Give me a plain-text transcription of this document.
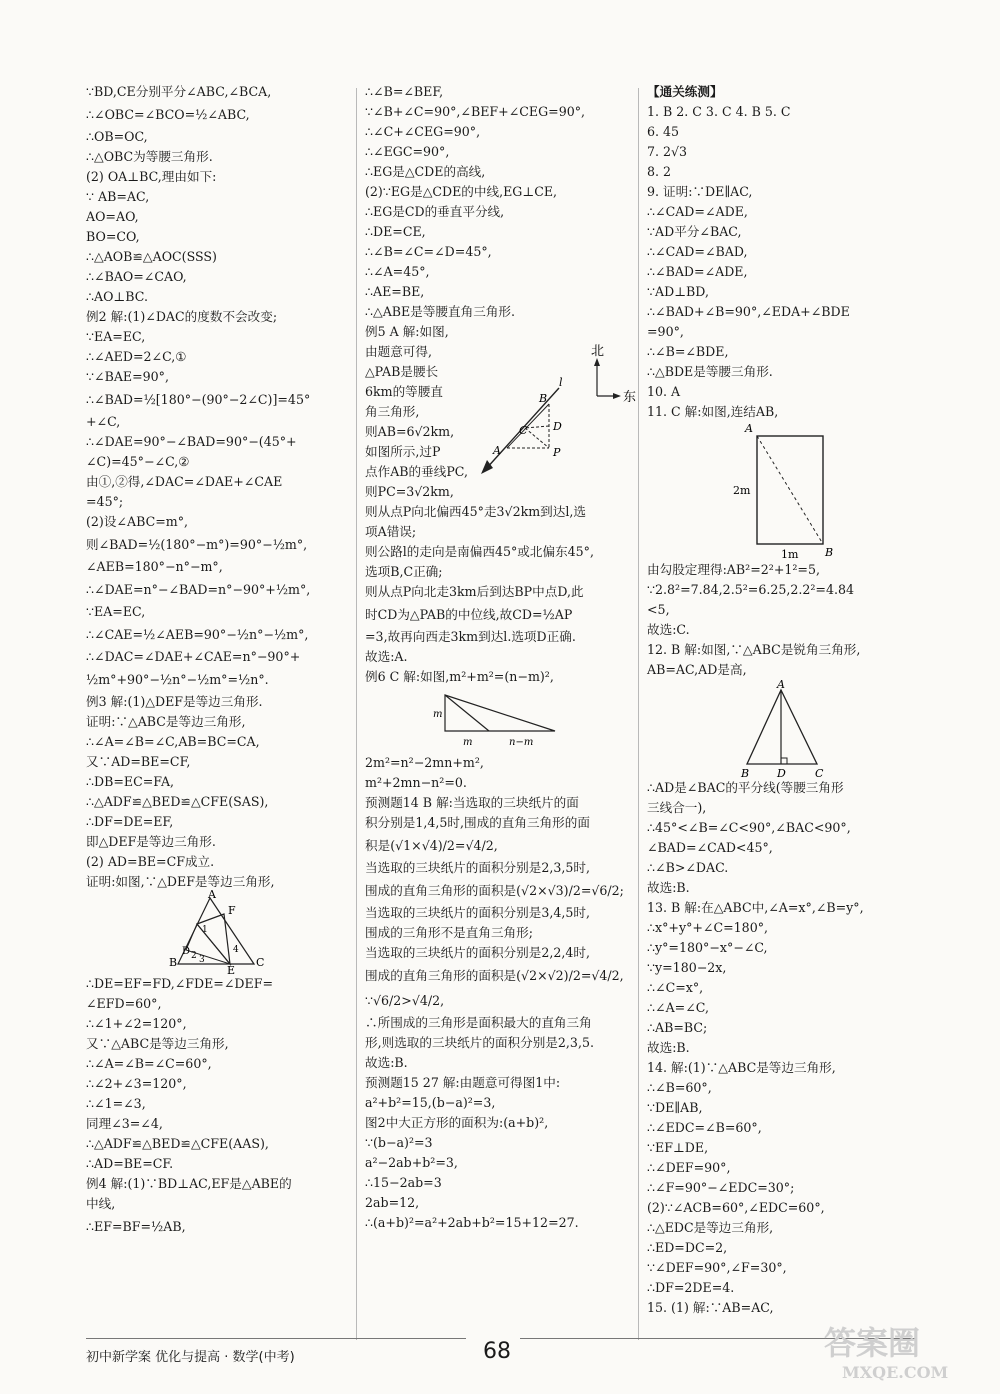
∵BD,CE分别平分∠ABC,∠BCA,
∴∠OBC=∠BCO=½∠ABC,
∴OB=OC,
∴△OBC为等腰三角形.
(2) OA⊥BC,理由如下:
∵ AB=AC,
AO=AO,
BO=CO,
∴△AOB≌△AOC(SSS)
∴∠BAO=∠CAO,
∴AO⊥BC.
例2 解:(1)∠DAC的度数不会改变;
∵EA=EC,
∴∠AED=2∠C,①
∵∠BAE=90°,
∴∠BAD=½[180°−(90°−2∠C)]=45°
+∠C,
∴∠DAE=90°−∠BAD=90°−(45°+
∠C)=45°−∠C,②
由①,②得,∠DAC=∠DAE+∠CAE
=45°;
(2)设∠ABC=m°,
则∠BAD=½(180°−m°)=90°−½m°,
∠AEB=180°−n°−m°,
∴∠DAE=n°−∠BAD=n°−90°+½m°,
∵EA=EC,
∴∠CAE=½∠AEB=90°−½n°−½m°,
∴∠DAC=∠DAE+∠CAE=n°−90°+
½m°+90°−½n°−½m°=½n°.
例3 解:(1)△DEF是等边三角形.
证明:∵△ABC是等边三角形,
∴∠A=∠B=∠C,AB=BC=CA,
又∵AD=BE=CF,
∴DB=EC=FA,
∴△ADF≌△BED≌△CFE(SAS),
∴DF=DE=EF,
即△DEF是等边三角形.
(2) AD=BE=CF成立.
证明:如图,∵△DEF是等边三角形,
A
F
B
D
E
C
1
2 3
4
∴DE=EF=FD,∠FDE=∠DEF=
∠EFD=60°,
∴∠1+∠2=120°,
又∵△ABC是等边三角形,
∴∠A=∠B=∠C=60°,
∴∠2+∠3=120°,
∴∠1=∠3,
同理∠3=∠4,
∴△ADF≌△BED≌△CFE(AAS),
∴AD=BE=CF.
例4 解:(1)∵BD⊥AC,EF是△ABE的
中线,
∴EF=BF=½AB,
∴∠B=∠BEF,
∵∠B+∠C=90°,∠BEF+∠CEG=90°,
∴∠C+∠CEG=90°,
∴∠EGC=90°,
∴EG是△CDE的高线,
(2)∵EG是△CDE的中线,EG⊥CE,
∴EG是CD的垂直平分线,
∴DE=CE,
∴∠B=∠C=∠D=45°,
∴∠A=45°,
∴AE=BE,
∴△ABE是等腰直角三角形.
例5 A 解:如图,
由题意可得,
△PAB是腰长
6km的等腰直
角三角形,
则AB=6√2km,
如图所示,过P
点作AB的垂线PC,
则PC=3√2km,
则从点P向北偏西45°走3√2km到达l,选
项A错误;
则公路l的走向是南偏西45°或北偏东45°,
选项B,C正确;
则从点P向北走3km后到达BP中点D,此
时CD为△PAB的中位线,故CD=½AP
=3,故再向西走3km到达l.选项D正确.
故选:A.
例6 C 解:如图,m²+m²=(n−m)²,
m
m	n−m
2m²=n²−2mn+m²,
m²+2mn−n²=0.
预测题14 B 解:当选取的三块纸片的面
积分别是1,4,5时,围成的直角三角形的面
积是(√1×√4)/2=√4/2,
当选取的三块纸片的面积分别是2,3,5时,
围成的直角三角形的面积是(√2×√3)/2=√6/2;
当选取的三块纸片的面积分别是3,4,5时,
围成的三角形不是直角三角形;
当选取的三块纸片的面积分别是2,2,4时,
围成的直角三角形的面积是(√2×√2)/2=√4/2,
∵√6/2>√4/2,
∴所围成的三角形是面积最大的直角三角
形,则选取的三块纸片的面积分别是2,3,5.
故选:B.
预测题15 27 解:由题意可得图1中:
a²+b²=15,(b−a)²=3,
图2中大正方形的面积为:(a+b)²,
∵(b−a)²=3
a²−2ab+b²=3,
∴15−2ab=3
2ab=12,
∴(a+b)²=a²+2ab+b²=15+12=27.
北
东
B
C D
A	P
l
【通关练测】
1. B 2. C 3. C 4. B 5. C
6. 45
7. 2√3
8. 2
9. 证明:∵DE∥AC,
∴∠CAD=∠ADE,
∵AD平分∠BAC,
∴∠CAD=∠BAD,
∴∠BAD=∠ADE,
∵AD⊥BD,
∴∠BAD+∠B=90°,∠EDA+∠BDE
=90°,
∴∠B=∠BDE,
∴△BDE是等腰三角形.
10. A
11. C 解:如图,连结AB,
A
B
2m
1m
由勾股定理得:AB²=2²+1²=5,
∵2.8²=7.84,2.5²=6.25,2.2²=4.84
<5,
故选:C.
12. B 解:如图,∵△ABC是锐角三角形,
AB=AC,AD是高,
A
B	D	C
∴AD是∠BAC的平分线(等腰三角形
三线合一),
∴45°<∠B=∠C<90°,∠BAC<90°,
∠BAD=∠CAD<45°,
∴∠B>∠DAC.
故选:B.
13. B 解:在△ABC中,∠A=x°,∠B=y°,
∴x°+y°+∠C=180°,
∴y°=180°−x°−∠C,
∵y=180−2x,
∴∠C=x°,
∴∠A=∠C,
∴AB=BC;
故选:B.
14. 解:(1)∵△ABC是等边三角形,
∴∠B=60°,
∵DE∥AB,
∴∠EDC=∠B=60°,
∵EF⊥DE,
∴∠DEF=90°,
∴∠F=90°−∠EDC=30°;
(2)∵∠ACB=60°,∠EDC=60°,
∴△EDC是等边三角形,
∴ED=DC=2,
∵∠DEF=90°,∠F=30°,
∴DF=2DE=4.
15. (1) 解:∵AB=AC,
初中新学案 优化与提高 · 数学(中考)	68	答案圈
MXQE.COM
